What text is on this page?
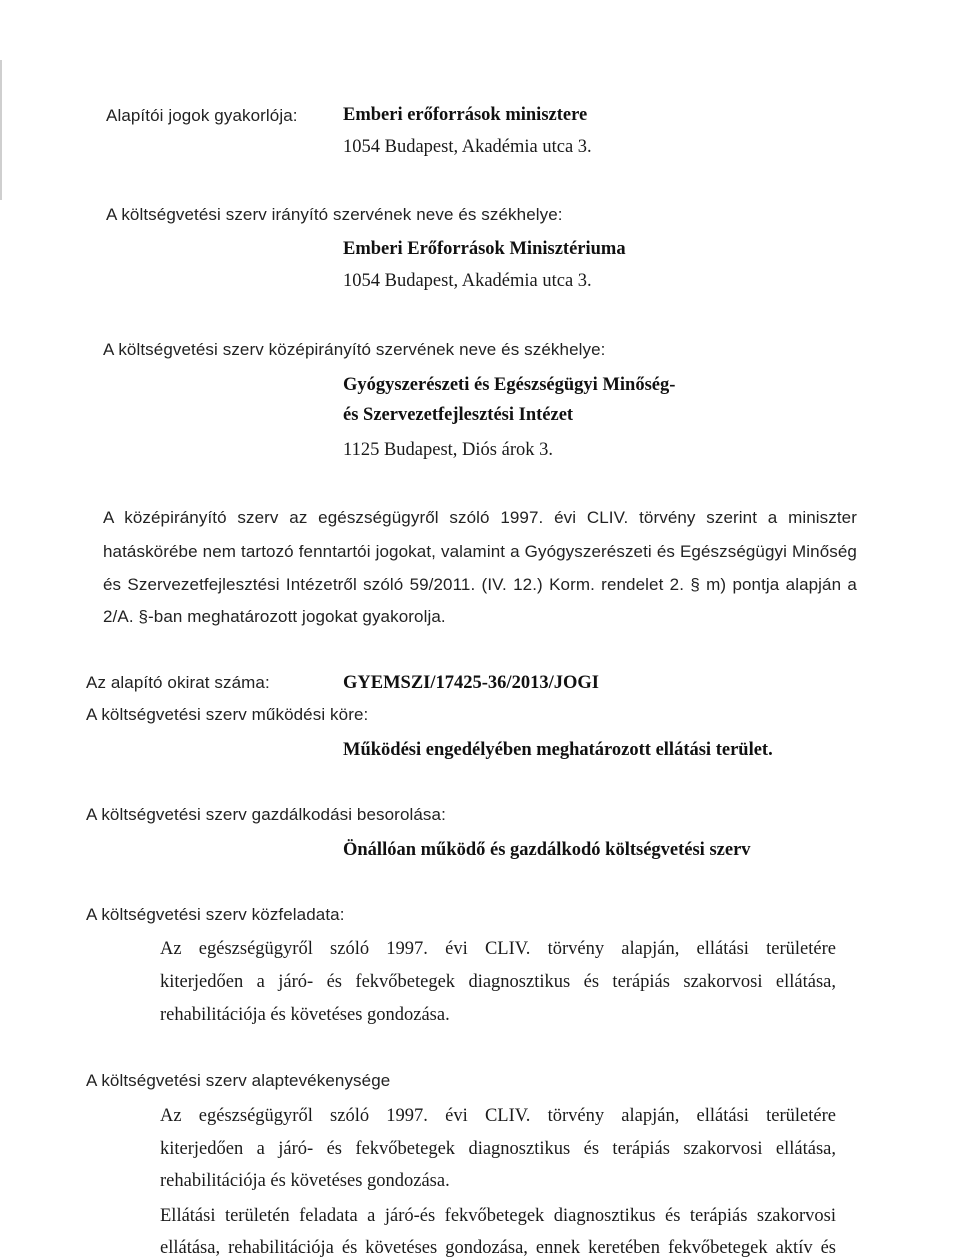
Alapítói jogok gyakorlója: Emberi erőforrások minisztere
1054 Budapest, Akadémia utca 3.
A költségvetési szerv irányító szervének neve és székhelye:
Emberi Erőforrások Minisztériuma
1054 Budapest, Akadémia utca 3.
A költségvetési szerv középirányító szervének neve és székhelye:
Gyógyszerészeti és Egészségügyi Minőség-
és Szervezetfejlesztési Intézet
1125 Budapest, Diós árok 3.
A középirányító szerv az egészségügyről szóló 1997. évi CLIV. törvény szerint a miniszter
hatáskörébe nem tartozó fenntartói jogokat, valamint a Gyógyszerészeti és Egészségügyi Minőség
és Szervezetfejlesztési Intézetről szóló 59/2011. (IV. 12.) Korm. rendelet 2. § m) pontja alapján a
2/A. §-ban meghatározott jogokat gyakorolja.
Az alapító okirat száma:	GYEMSZI/17425-36/2013/JOGI
A költségvetési szerv működési köre:
Működési engedélyében meghatározott ellátási terület.
A költségvetési szerv gazdálkodási besorolása:
Önállóan működő és gazdálkodó költségvetési szerv
A költségvetési szerv közfeladata:
Az egészségügyről szóló 1997. évi CLIV. törvény alapján, ellátási területére
kiterjedően a járó- és fekvőbetegek diagnosztikus és terápiás szakorvosi ellátása,
rehabilitációja és követéses gondozása.
A költségvetési szerv alaptevékenysége
Az egészségügyről szóló 1997. évi CLIV. törvény alapján, ellátási területére
kiterjedően a járó- és fekvőbetegek diagnosztikus és terápiás szakorvosi ellátása,
rehabilitációja és követéses gondozása.
Ellátási területén feladata a járó-és fekvőbetegek diagnosztikus és terápiás szakorvosi
ellátása, rehabilitációja és követéses gondozása, ennek keretében fekvőbetegek aktív és
